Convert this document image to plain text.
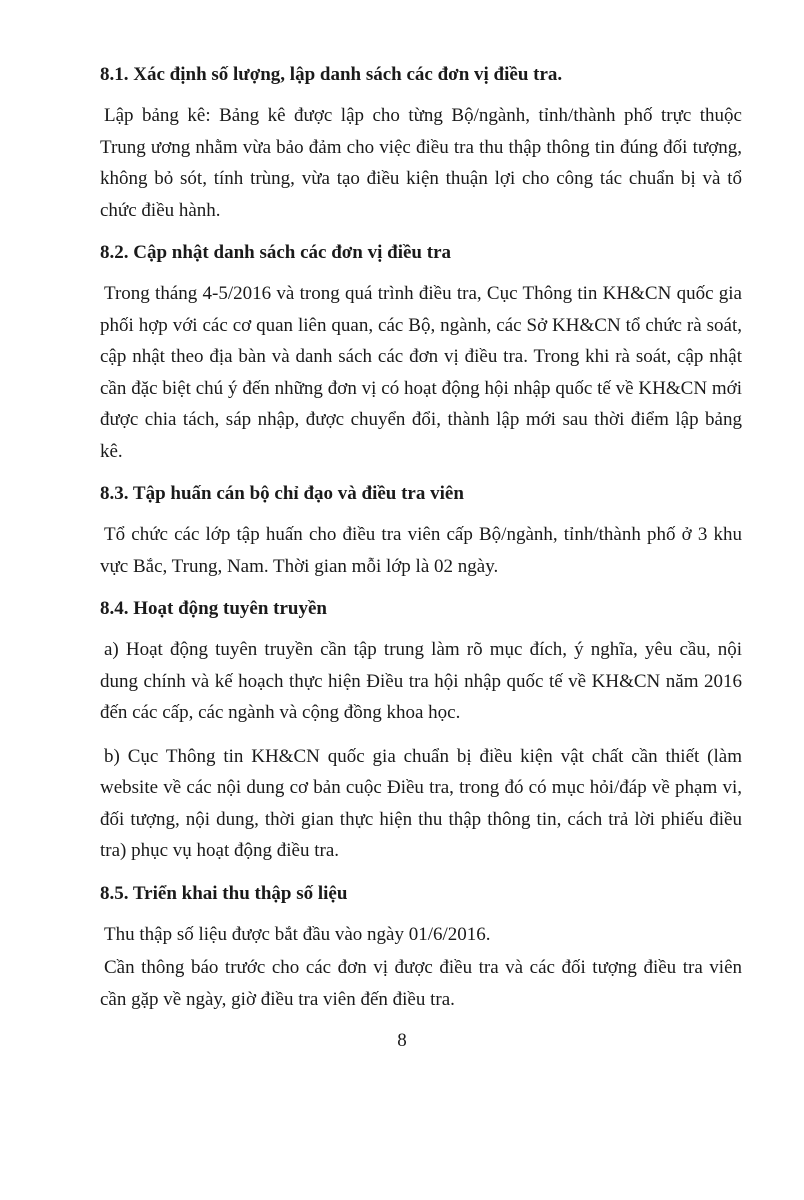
8.1. Xác định số lượng, lập danh sách các đơn vị điều tra.

Lập bảng kê: Bảng kê được lập cho từng Bộ/ngành, tỉnh/thành phố trực thuộc Trung ương nhằm vừa bảo đảm cho việc điều tra thu thập thông tin đúng đối tượng, không bỏ sót, tính trùng, vừa tạo điều kiện thuận lợi cho công tác chuẩn bị và tổ chức điều hành.

8.2. Cập nhật danh sách các đơn vị điều tra

Trong tháng 4-5/2016 và trong quá trình điều tra, Cục Thông tin KH&CN quốc gia phối hợp với các cơ quan liên quan, các Bộ, ngành, các Sở KH&CN tổ chức rà soát, cập nhật theo địa bàn và danh sách các đơn vị điều tra. Trong khi rà soát, cập nhật cần đặc biệt chú ý đến những đơn vị có hoạt động hội nhập quốc tế về KH&CN mới được chia tách, sáp nhập, được chuyển đổi, thành lập mới sau thời điểm lập bảng kê.

8.3. Tập huấn cán bộ chỉ đạo và điều tra viên

Tổ chức các lớp tập huấn cho điều tra viên cấp Bộ/ngành, tỉnh/thành phố ở 3 khu vực Bắc, Trung, Nam. Thời gian mỗi lớp là 02 ngày.

8.4. Hoạt động tuyên truyền

a) Hoạt động tuyên truyền cần tập trung làm rõ mục đích, ý nghĩa, yêu cầu, nội dung chính và kế hoạch thực hiện Điều tra hội nhập quốc tế về KH&CN năm 2016 đến các cấp, các ngành và cộng đồng khoa học.

b) Cục Thông tin KH&CN quốc gia chuẩn bị điều kiện vật chất cần thiết (làm website về các nội dung cơ bản cuộc Điều tra, trong đó có mục hỏi/đáp về phạm vi, đối tượng, nội dung, thời gian thực hiện thu thập thông tin, cách trả lời phiếu điều tra) phục vụ hoạt động điều tra.

8.5. Triển khai thu thập số liệu

Thu thập số liệu được bắt đầu vào ngày 01/6/2016.

Cần thông báo trước cho các đơn vị được điều tra và các đối tượng điều tra viên cần gặp về ngày, giờ điều tra viên đến điều tra.

8
